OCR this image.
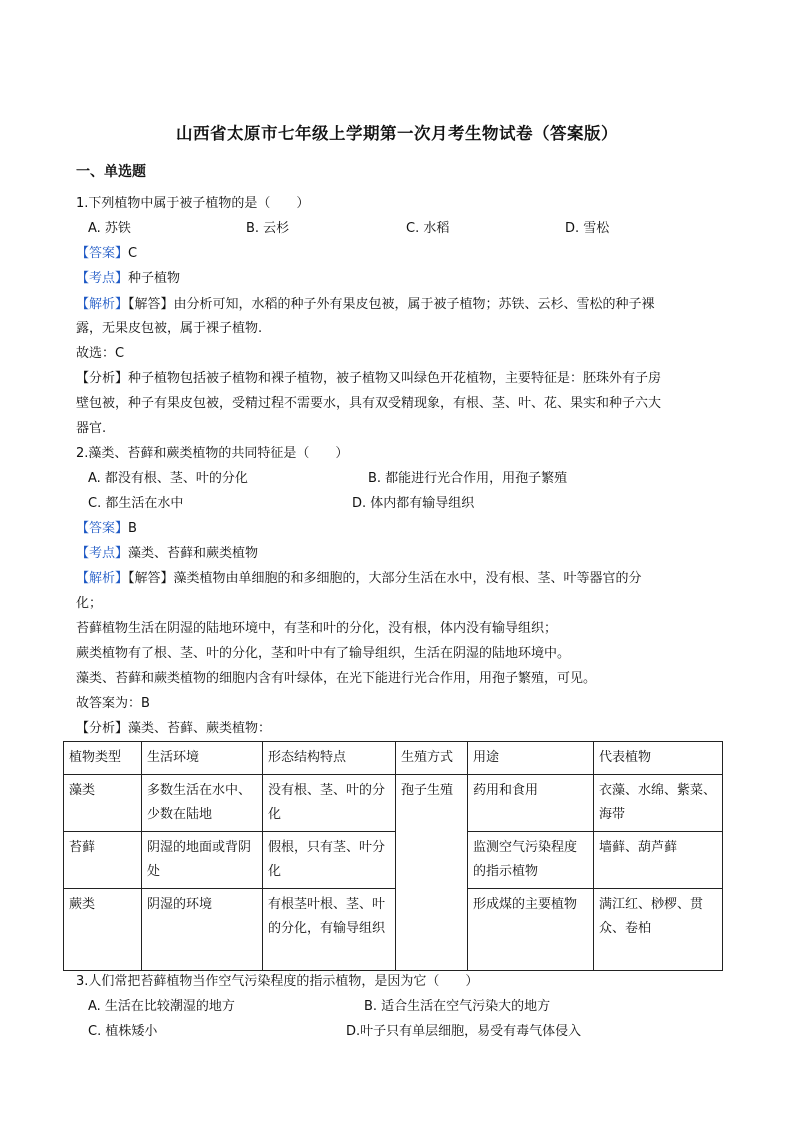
山西省太原市七年级上学期第一次月考生物试卷（答案版）
一、单选题
1.下列植物中属于被子植物的是（　　）
A. 苏铁	B. 云杉	C. 水稻	D. 雪松
【答案】C
【考点】种子植物
【解析】【解答】由分析可知，水稻的种子外有果皮包被，属于被子植物；苏铁、云杉、雪松的种子裸
露，无果皮包被，属于裸子植物.
故选：C
【分析】种子植物包括被子植物和裸子植物，被子植物又叫绿色开花植物，主要特征是：胚珠外有子房
壁包被，种子有果皮包被，受精过程不需要水，具有双受精现象，有根、茎、叶、花、果实和种子六大
器官.
2.藻类、苔藓和蕨类植物的共同特征是（　　）
A. 都没有根、茎、叶的分化	B. 都能进行光合作用，用孢子繁殖
C. 都生活在水中	D. 体内都有输导组织
【答案】B
【考点】藻类、苔藓和蕨类植物
【解析】【解答】藻类植物由单细胞的和多细胞的，大部分生活在水中，没有根、茎、叶等器官的分
化；
苔藓植物生活在阴湿的陆地环境中，有茎和叶的分化，没有根，体内没有输导组织；
蕨类植物有了根、茎、叶的分化，茎和叶中有了输导组织，生活在阴湿的陆地环境中。
藻类、苔藓和蕨类植物的细胞内含有叶绿体，在光下能进行光合作用，用孢子繁殖，可见。
故答案为：B
【分析】藻类、苔藓、蕨类植物：
植物类型	生活环境	形态结构特点	生殖方式	用途	代表植物
藻类	多数生活在水中、少数在陆地	没有根、茎、叶的分化	孢子生殖	药用和食用	衣藻、水绵、紫菜、海带
苔藓	阴湿的地面或背阴处	假根，只有茎、叶分化		监测空气污染程度的指示植物	墙藓、葫芦藓
蕨类	阴湿的环境	有根茎叶根、茎、叶的分化，有输导组织		形成煤的主要植物	满江红、桫椤、贯众、卷柏
3.人们常把苔藓植物当作空气污染程度的指示植物，是因为它（　　）
A. 生活在比较潮湿的地方	B. 适合生活在空气污染大的地方
C. 植株矮小	D.叶子只有单层细胞，易受有毒气体侵入
